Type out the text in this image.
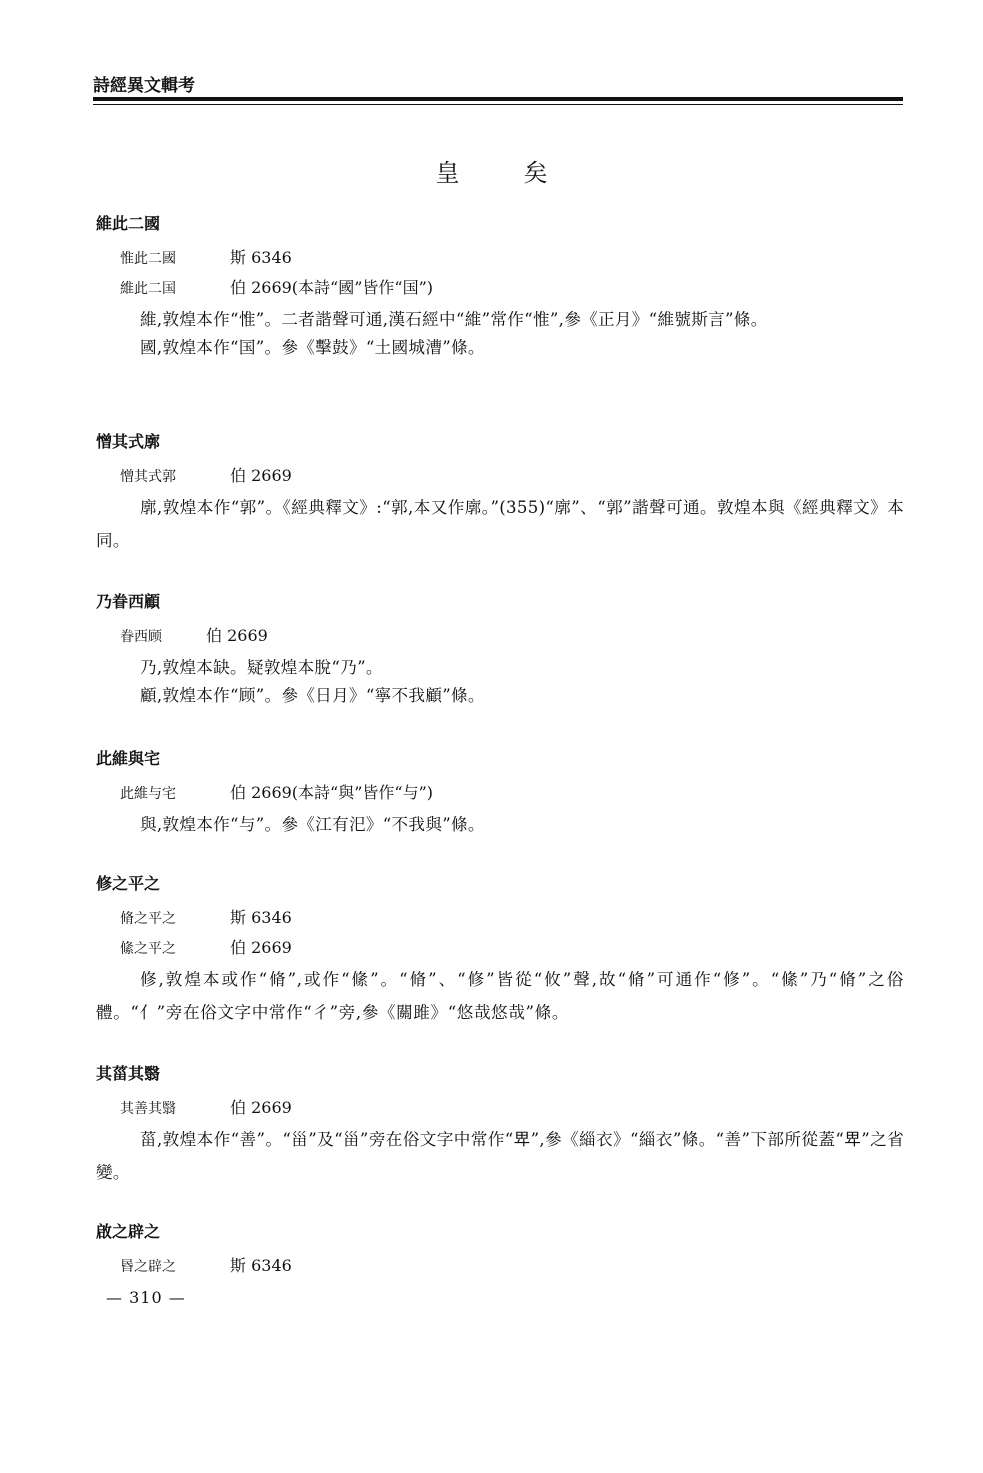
詩經異文輯考
皇　矣
維此二國
惟此二國	斯 6346
維此二国	伯 2669(本詩“國”皆作“国”)

維,敦煌本作“惟”。二者諧聲可通,漢石經中“維”常作“惟”,參《正月》“維號斯言”條。

國,敦煌本作“国”。參《擊鼓》“土國城漕”條。

憎其式廓
憎其式郭	伯 2669

廓,敦煌本作“郭”。《經典釋文》:“郭,本又作廓。”(355)“廓”、“郭”諧聲可通。敦煌本與《經典釋文》本同。

乃眷西顧
眷西顾	伯 2669

乃,敦煌本缺。疑敦煌本脫“乃”。

顧,敦煌本作“顾”。參《日月》“寧不我顧”條。

此維與宅
此維与宅	伯 2669(本詩“與”皆作“与”)

與,敦煌本作“与”。參《江有汜》“不我與”條。

修之平之
脩之平之	斯 6346
絛之平之	伯 2669

修,敦煌本或作“脩”,或作“絛”。“脩”、“修”皆從“攸”聲,故“脩”可通作“修”。“絛”乃“脩”之俗體。“亻”旁在俗文字中常作“彳”旁,參《關雎》“悠哉悠哉”條。

其菑其翳
其善其翳	伯 2669

菑,敦煌本作“善”。“甾”及“甾”旁在俗文字中常作“𤰞”,參《緇衣》“緇衣”條。“善”下部所從蓋“𤰞”之省變。

啟之辟之
昬之辟之	斯 6346
— 310 —
